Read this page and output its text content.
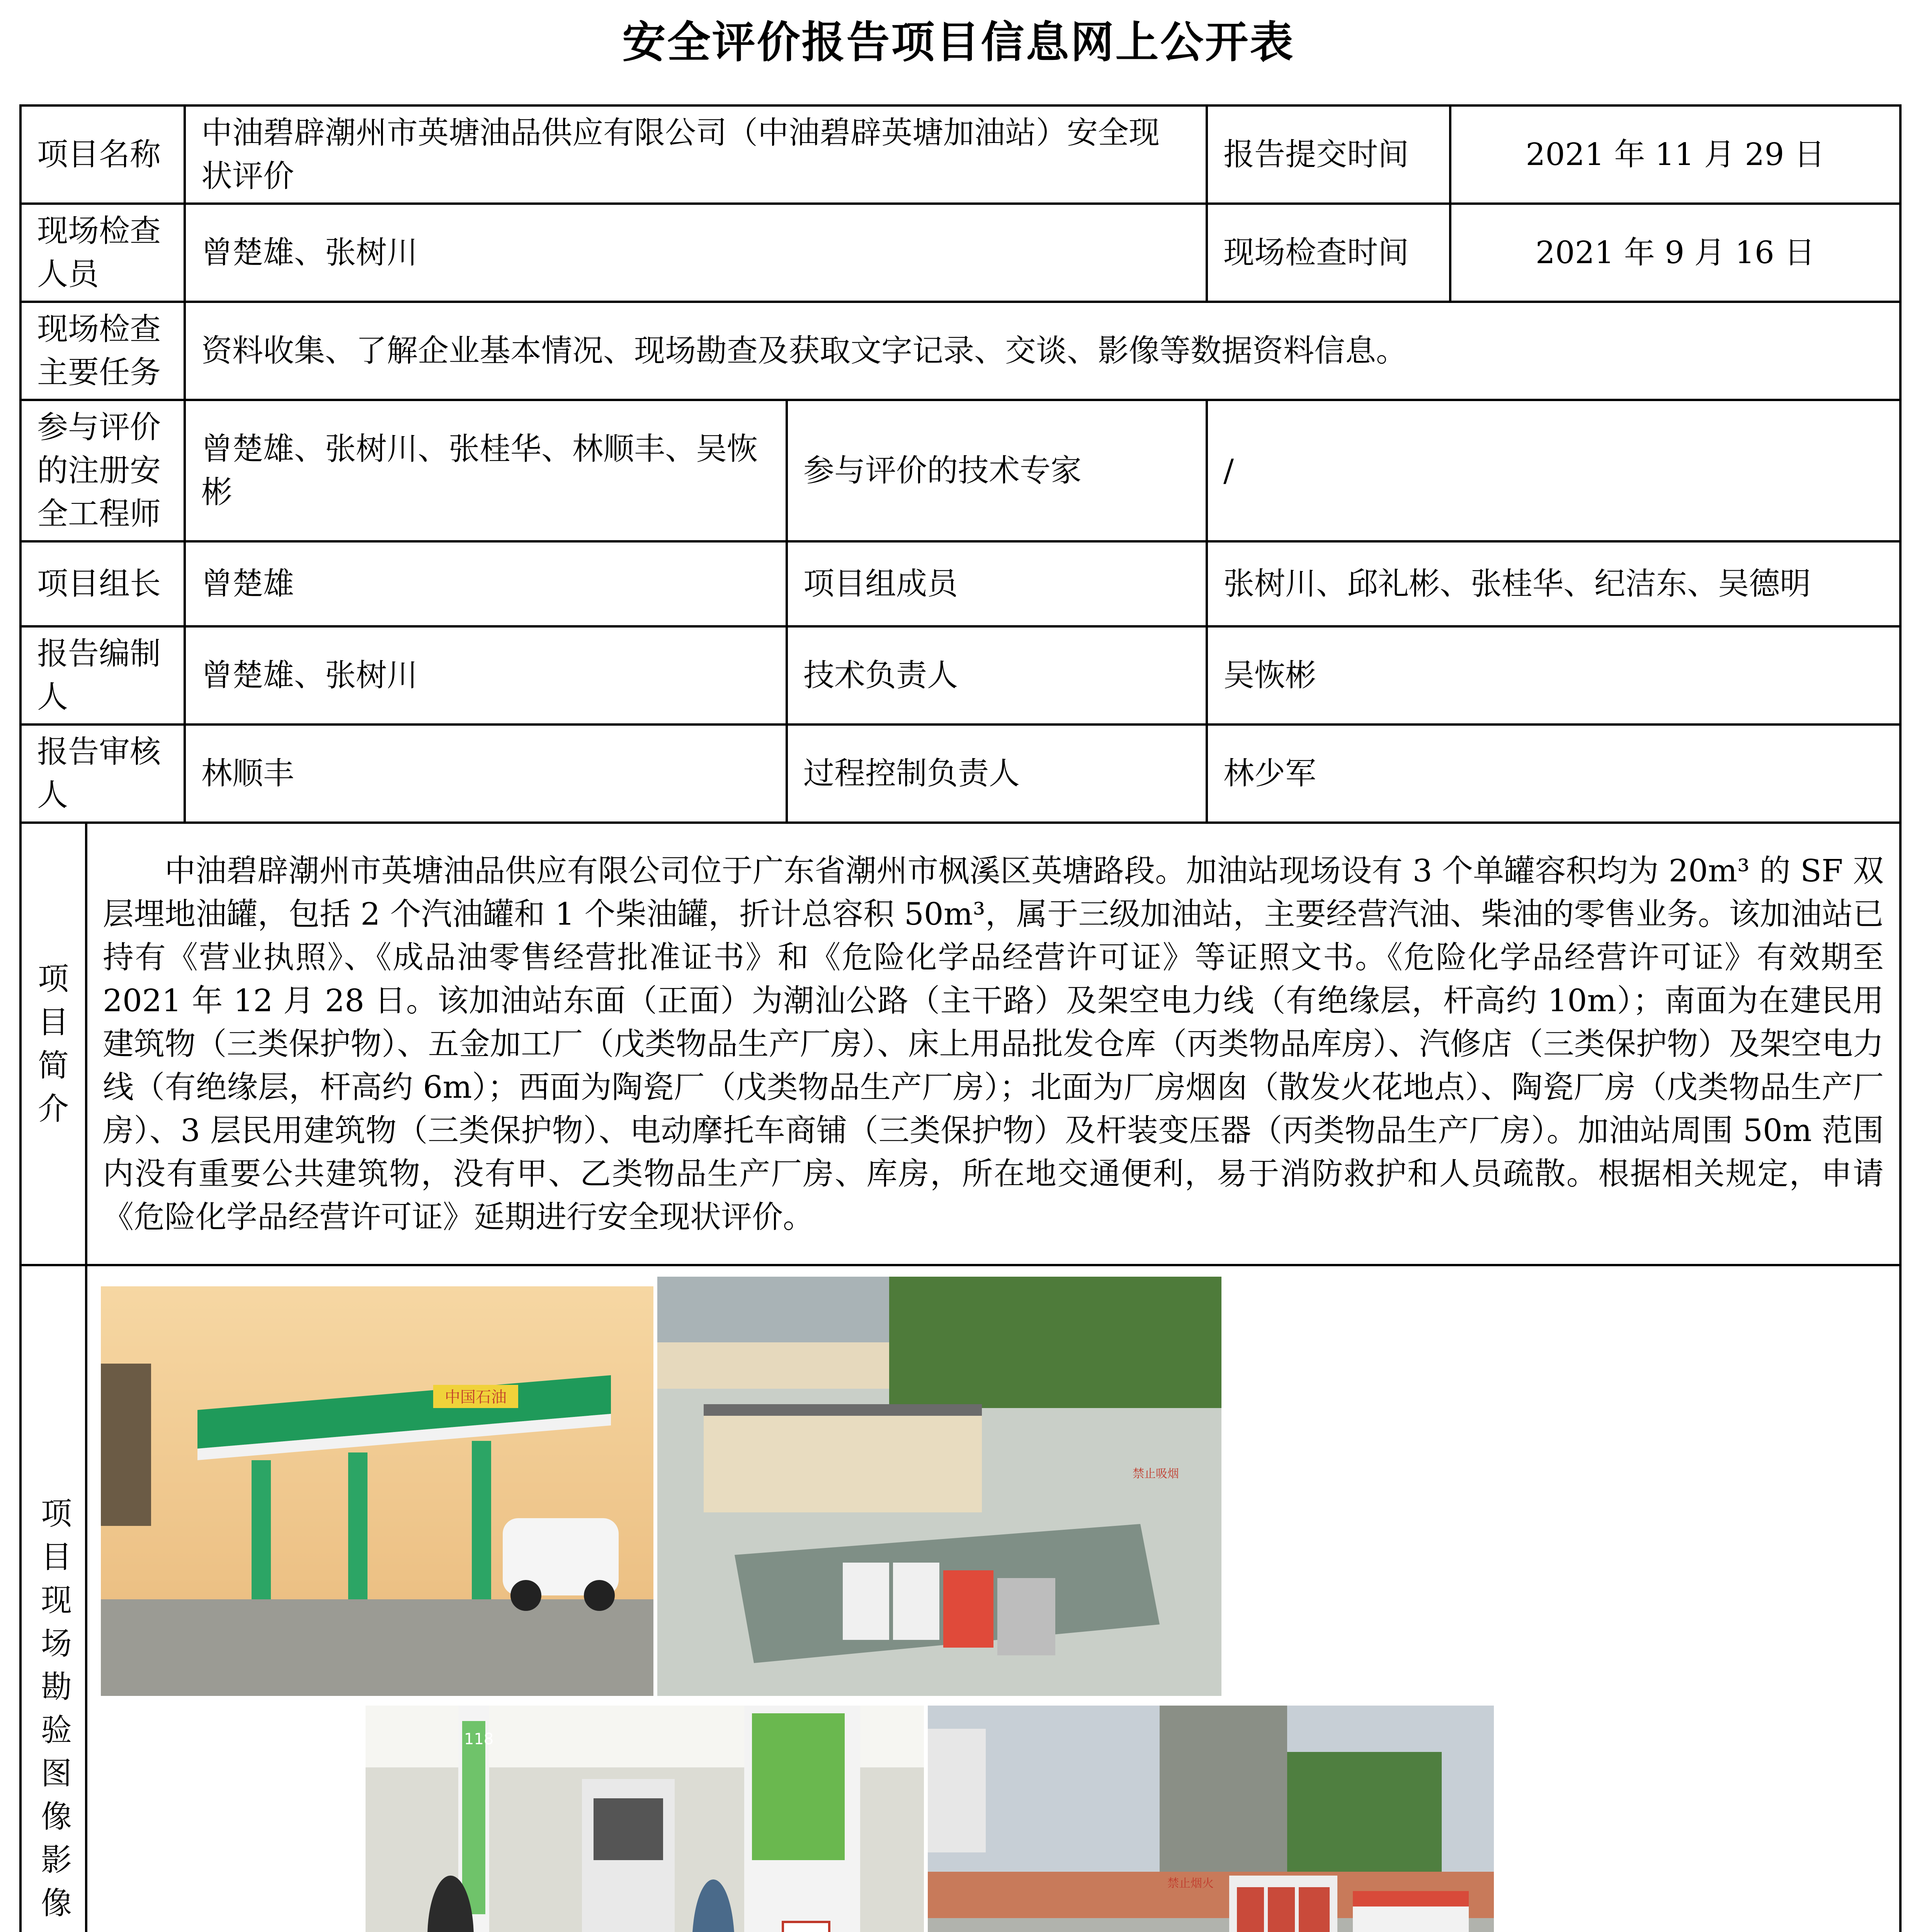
安全评价报告项目信息网上公开表
项目名称	中油碧辟潮州市英塘油品供应有限公司（中油碧辟英塘加油站）安全现状评价	报告提交时间	2021 年 11 月 29 日
现场检查人员	曾楚雄、张树川	现场检查时间	2021 年 9 月 16 日
现场检查主要任务	资料收集、了解企业基本情况、现场勘查及获取文字记录、交谈、影像等数据资料信息。
参与评价的注册安全工程师	曾楚雄、张树川、张桂华、林顺丰、吴恢彬	参与评价的技术专家	/
项目组长	曾楚雄	项目组成员	张树川、邱礼彬、张桂华、纪洁东、吴德明
报告编制人	曾楚雄、张树川	技术负责人	吴恢彬
报告审核人	林顺丰	过程控制负责人	林少军
项目简介	

中油碧辟潮州市英塘油品供应有限公司位于广东省潮州市枫溪区英塘路段。加油站现场设有 3 个单罐容积均为 20m³ 的 SF 双层埋地油罐，包括 2 个汽油罐和 1 个柴油罐，折计总容积 50m³，属于三级加油站，主要经营汽油、柴油的零售业务。该加油站已持有《营业执照》、《成品油零售经营批准证书》和《危险化学品经营许可证》等证照文书。《危险化学品经营许可证》有效期至 2021 年 12 月 28 日。该加油站东面（正面）为潮汕公路（主干路）及架空电力线（有绝缘层，杆高约 10m）；南面为在建民用建筑物（三类保护物）、五金加工厂（戊类物品生产厂房）、床上用品批发仓库（丙类物品库房）、汽修店（三类保护物）及架空电力线（有绝缘层，杆高约 6m）；西面为陶瓷厂（戊类物品生产厂房）；北面为厂房烟囱（散发火花地点）、陶瓷厂房（戊类物品生产厂房）、3 层民用建筑物（三类保护物）、电动摩托车商铺（三类保护物）及杆装变压器（丙类物品生产厂房）。加油站周围 50m 范围内没有重要公共建筑物，没有甲、乙类物品生产厂房、库房，所在地交通便利，易于消防救护和人员疏散。根据相关规定，申请《危险化学品经营许可证》延期进行安全现状评价。

项目现场勘验图像影像	
中国石油
禁止吸烟
118
禁止烟火
